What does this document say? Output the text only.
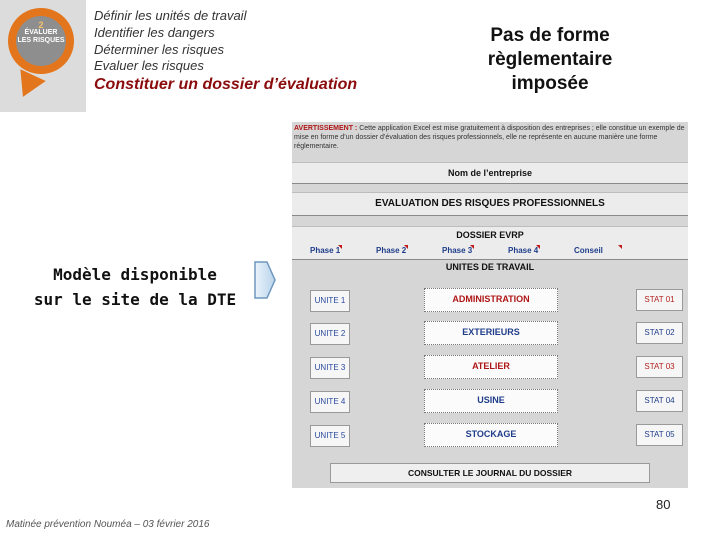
2
ÉVALUER
LES RISQUES
Définir les unités de travail
Identifier les dangers
Déterminer les risques
Evaluer les risques
Constituer un dossier d’évaluation
Pas de forme
règlementaire
imposée
Modèle disponible
sur le site de la DTE
AVERTISSEMENT : Cette application Excel est mise gratuitement à disposition des entreprises ; elle constitue un exemple de mise en forme d’un dossier d’évaluation des risques professionnels, elle ne représente en aucune manière une forme réglementaire.
Nom de l’entreprise
EVALUATION DES RISQUES PROFESSIONNELS
DOSSIER EVRP
Phase 1	Phase 2	Phase 3	Phase 4	Conseil
UNITES DE TRAVAIL
UNITE 1	ADMINISTRATION	STAT 01
UNITE 2	EXTERIEURS	STAT 02
UNITE 3	ATELIER	STAT 03
UNITE 4	USINE	STAT 04
UNITE 5	STOCKAGE	STAT 05
CONSULTER LE JOURNAL DU DOSSIER
80
Matinée prévention Nouméa – 03 février 2016
